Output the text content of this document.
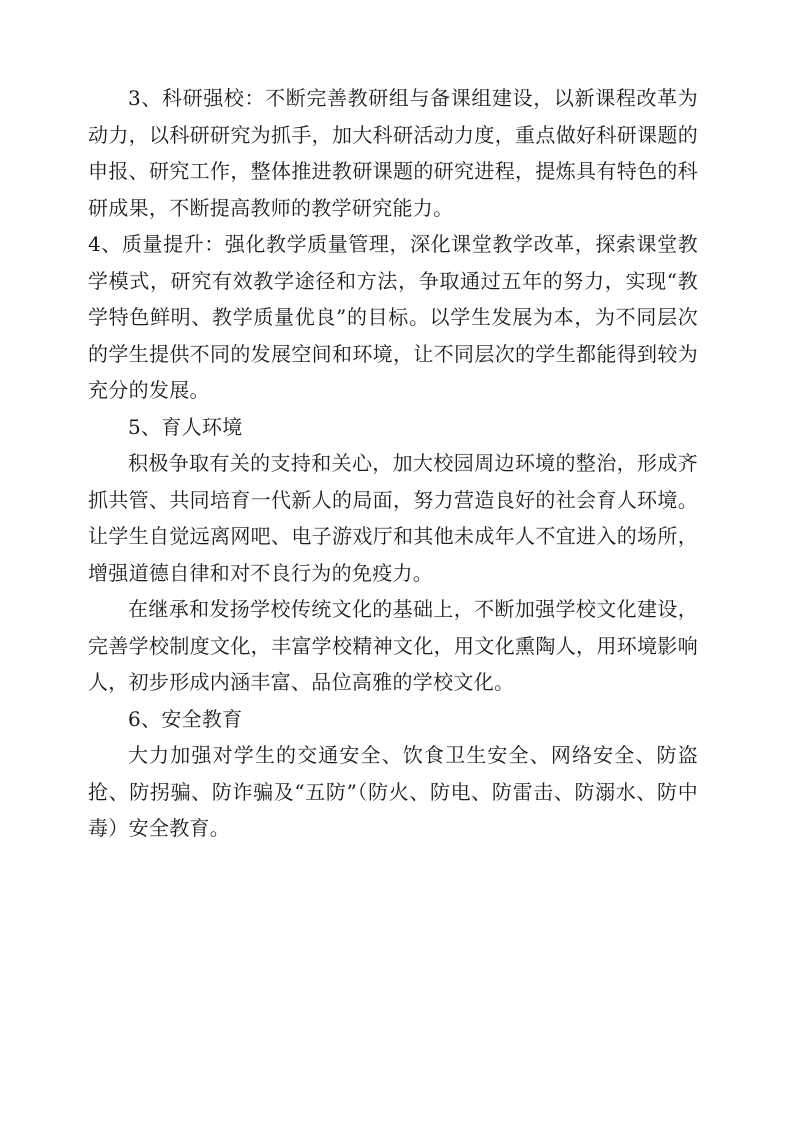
3、科研强校：不断完善教研组与备课组建设，以新课程改革为动力，以科研研究为抓手，加大科研活动力度，重点做好科研课题的申报、研究工作，整体推进教研课题的研究进程，提炼具有特色的科研成果，不断提高教师的教学研究能力。

4、质量提升：强化教学质量管理，深化课堂教学改革，探索课堂教学模式，研究有效教学途径和方法，争取通过五年的努力，实现“教学特色鲜明、教学质量优良”的目标。以学生发展为本，为不同层次的学生提供不同的发展空间和环境，让不同层次的学生都能得到较为充分的发展。

5、育人环境

积极争取有关的支持和关心，加大校园周边环境的整治，形成齐抓共管、共同培育一代新人的局面，努力营造良好的社会育人环境。让学生自觉远离网吧、电子游戏厅和其他未成年人不宜进入的场所，增强道德自律和对不良行为的免疫力。

在继承和发扬学校传统文化的基础上，不断加强学校文化建设，完善学校制度文化，丰富学校精神文化，用文化熏陶人，用环境影响人，初步形成内涵丰富、品位高雅的学校文化。

6、安全教育

大力加强对学生的交通安全、饮食卫生安全、网络安全、防盗抢、防拐骗、防诈骗及“五防”（防火、防电、防雷击、防溺水、防中毒）安全教育。
